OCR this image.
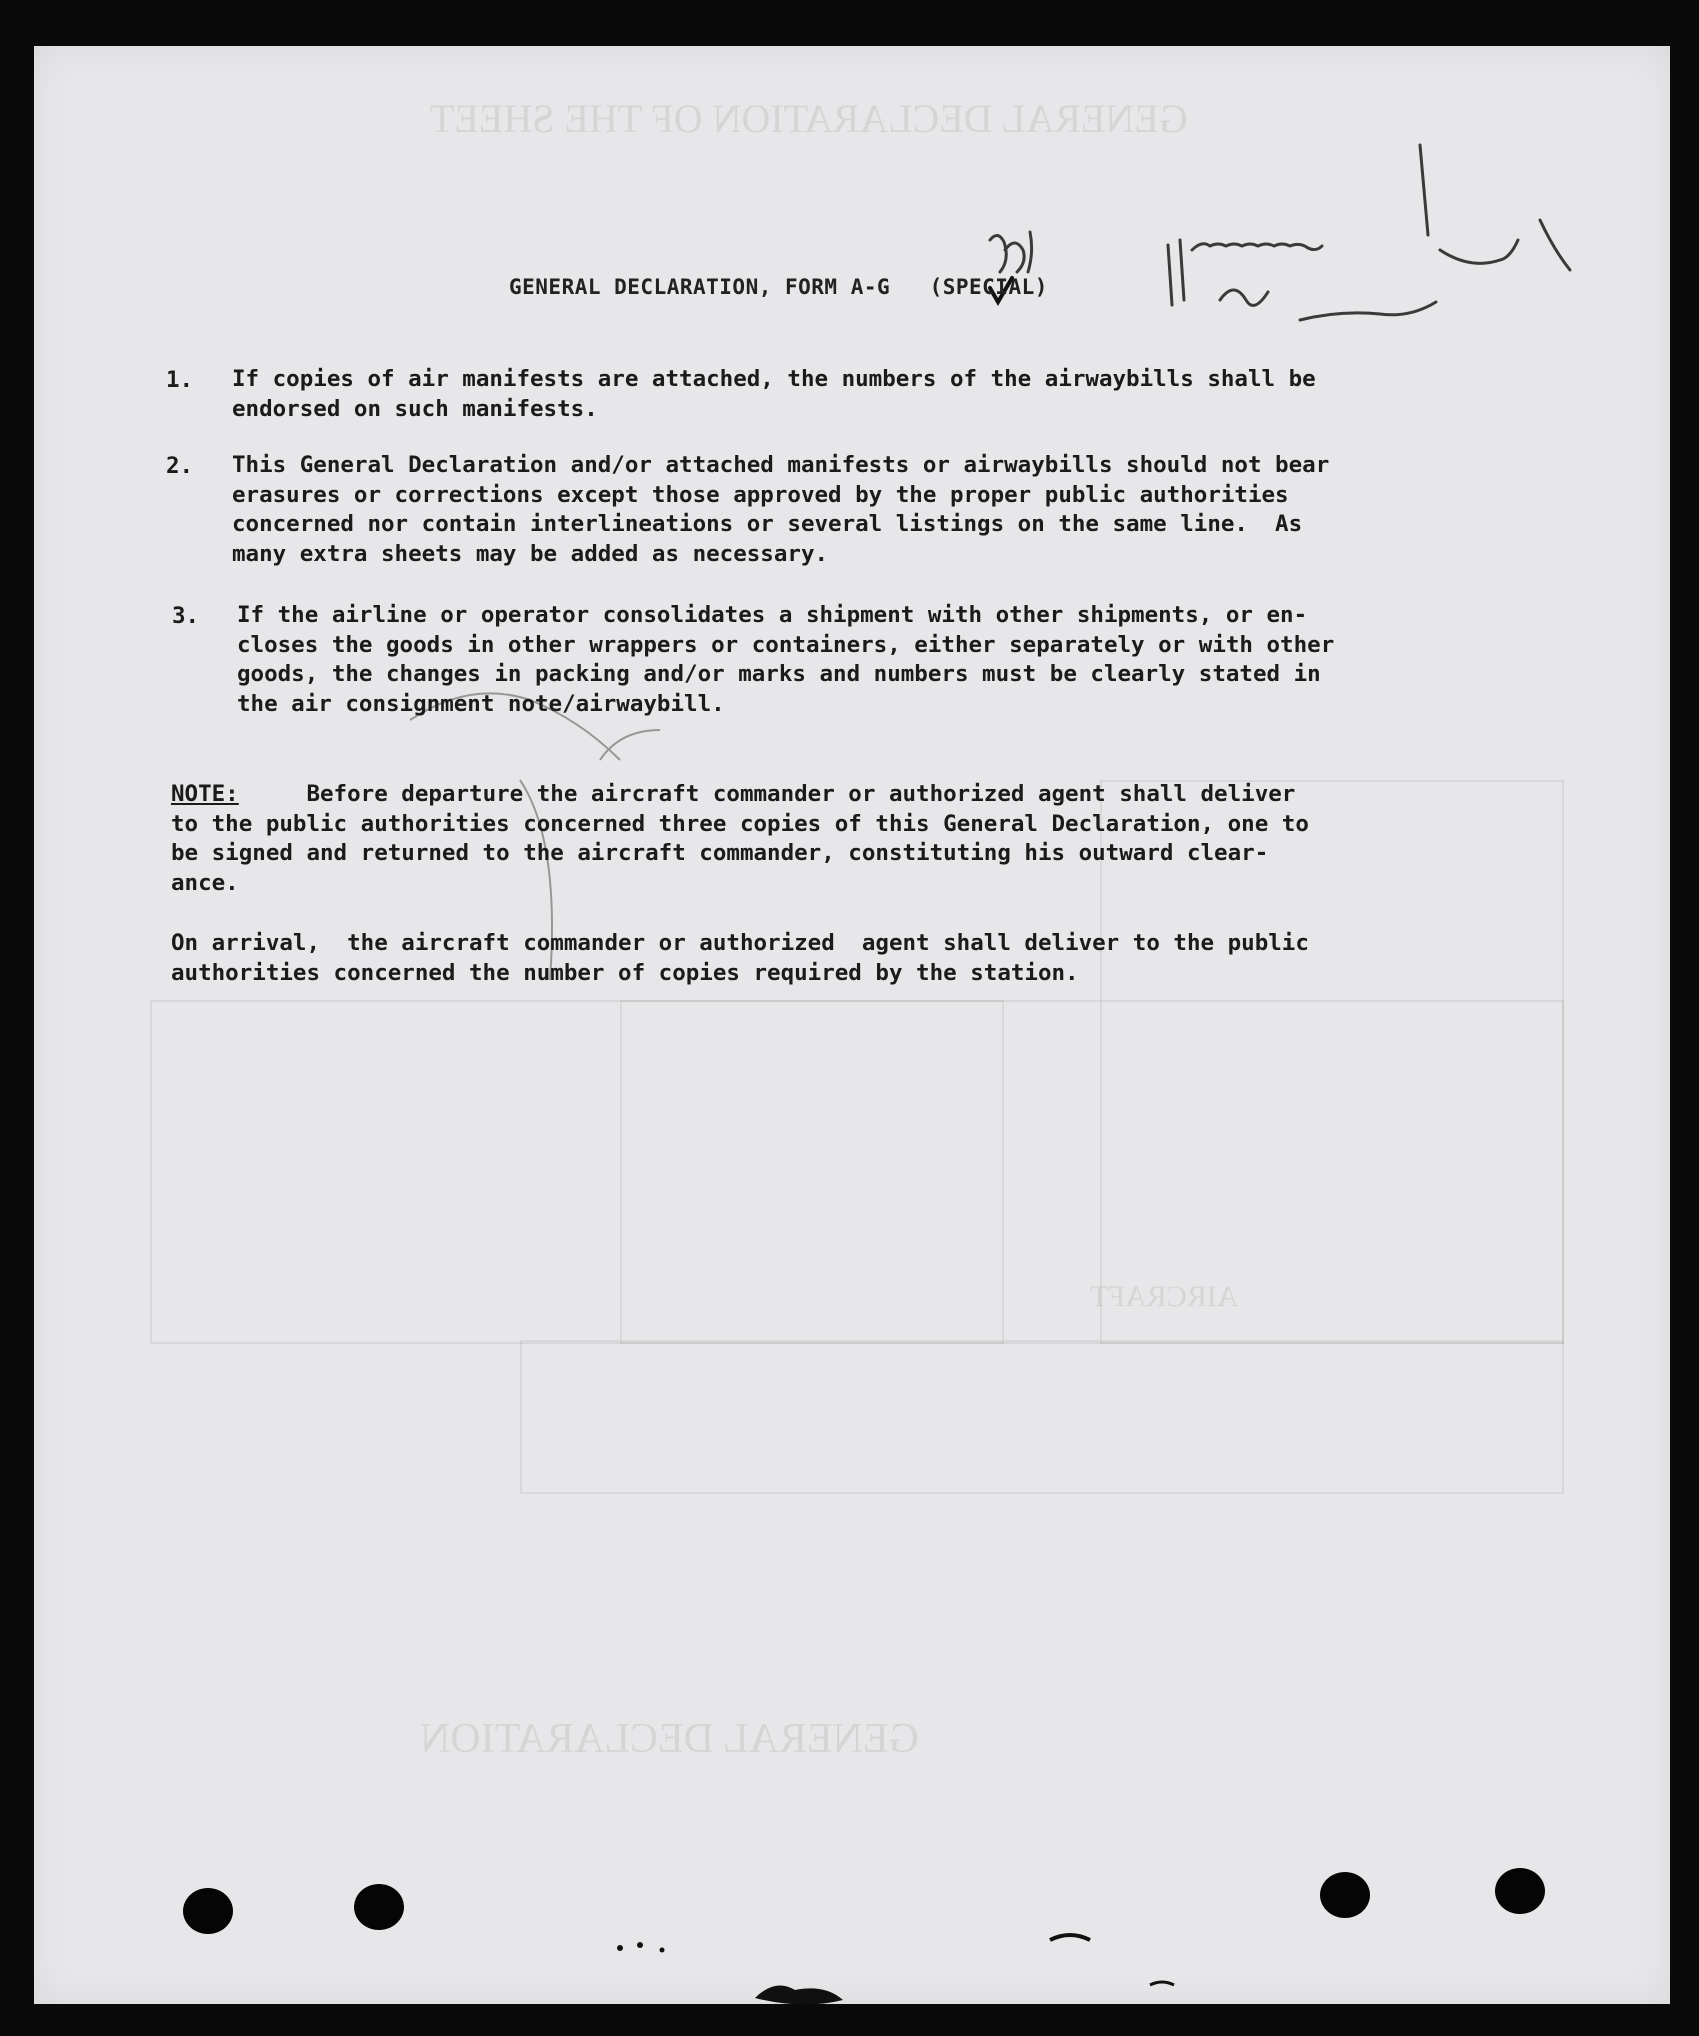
GENERAL DECLARATION OF THE SHEET
GENERAL DECLARATION
AIRCRAFT
GENERAL DECLARATION, FORM A-G (SPECIAL)
1. If copies of air manifests are attached, the numbers of the airwaybills shall be
endorsed on such manifests.
2. This General Declaration and/or attached manifests or airwaybills should not bear
erasures or corrections except those approved by the proper public authorities
concerned nor contain interlineations or several listings on the same line.  As
many extra sheets may be added as necessary.
3. If the airline or operator consolidates a shipment with other shipments, or en-
closes the goods in other wrappers or containers, either separately or with other
goods, the changes in packing and/or marks and numbers must be clearly stated in
the air consignment note/airwaybill.
NOTE:     Before departure the aircraft commander or authorized agent shall deliver
to the public authorities concerned three copies of this General Declaration, one to
be signed and returned to the aircraft commander, constituting his outward clear-
ance.
On arrival,  the aircraft commander or authorized  agent shall deliver to the public
authorities concerned the number of copies required by the station.
